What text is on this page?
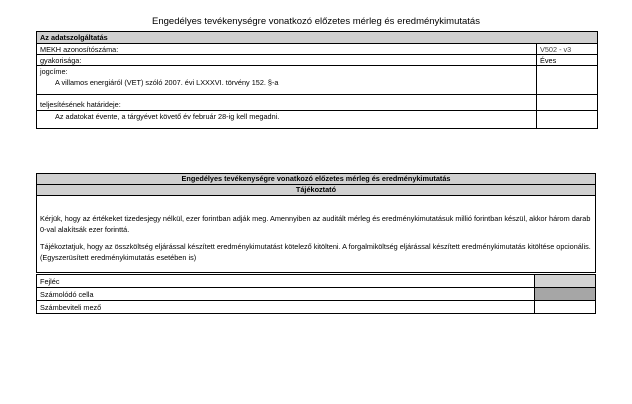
Engedélyes tevékenységre vonatkozó előzetes mérleg és eredménykimutatás
Az adatszolgáltatás
MEKH azonosítószáma:	V502 - v3
gyakorisága:	Éves
jogcíme:
A villamos energiáról (VET) szóló 2007. évi LXXXVI. törvény 152. §-a
teljesítésének határideje:
Az adatokat évente, a tárgyévet követő év február 28-ig kell megadni.
Engedélyes tevékenységre vonatkozó előzetes mérleg és eredménykimutatás
Tájékoztató
Kérjük, hogy az értékeket tizedesjegy nélkül, ezer forintban adják meg. Amennyiben az auditált mérleg és eredménykimutatásuk millió forintban készül, akkor három darab 0-val alakítsák ezer forinttá.
Tájékoztatjuk, hogy az összköltség eljárással készített eredménykimutatást kötelező kitölteni. A forgalmiköltség eljárással készített eredménykimutatás kitöltése opcionális. (Egyszerüsített eredménykimutatás esetében is)
Fejléc
Számolódó cella
Számbeviteli mező
